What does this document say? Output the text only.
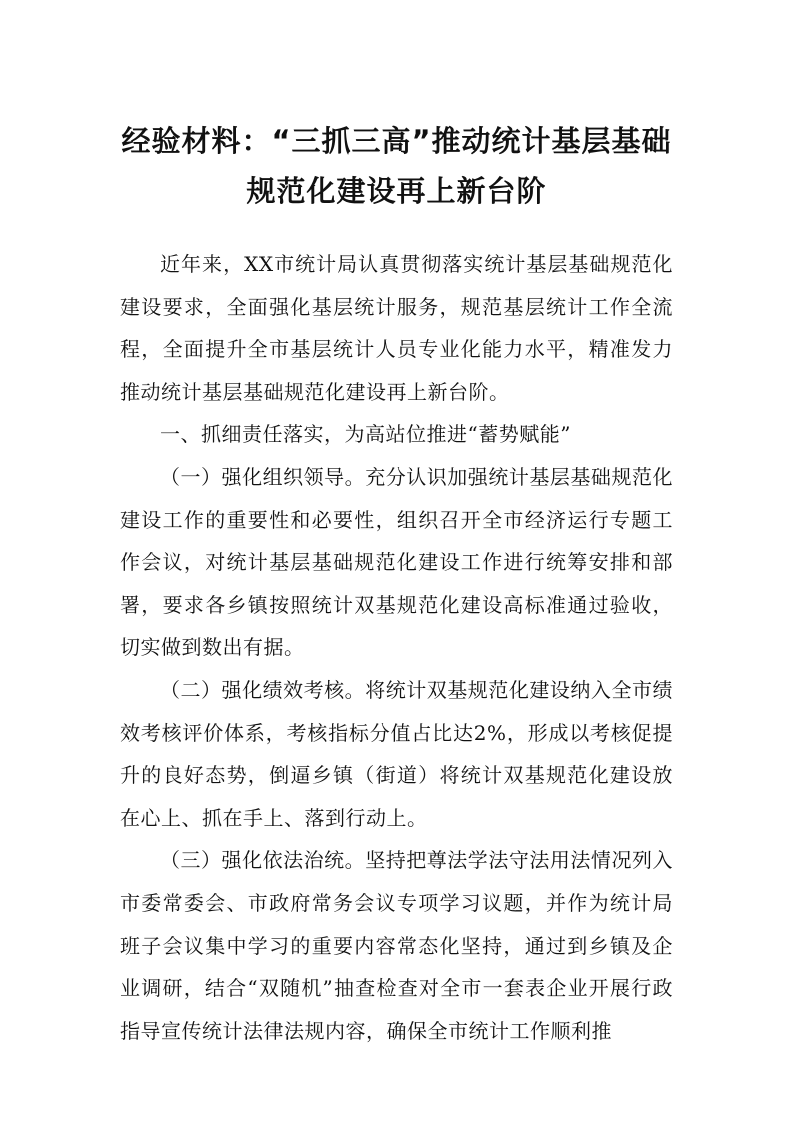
经验材料：“三抓三高”推动统计基层基础
规范化建设再上新台阶

近年来，XX市统计局认真贯彻落实统计基层基础规范化建设要求，全面强化基层统计服务，规范基层统计工作全流程，全面提升全市基层统计人员专业化能力水平，精准发力推动统计基层基础规范化建设再上新台阶。

一、抓细责任落实，为高站位推进“蓄势赋能”

（一）强化组织领导。充分认识加强统计基层基础规范化建设工作的重要性和必要性，组织召开全市经济运行专题工作会议，对统计基层基础规范化建设工作进行统筹安排和部署，要求各乡镇按照统计双基规范化建设高标准通过验收，切实做到数出有据。

（二）强化绩效考核。将统计双基规范化建设纳入全市绩效考核评价体系，考核指标分值占比达2%，形成以考核促提升的良好态势，倒逼乡镇（街道）将统计双基规范化建设放在心上、抓在手上、落到行动上。

（三）强化依法治统。坚持把尊法学法守法用法情况列入市委常委会、市政府常务会议专项学习议题，并作为统计局班子会议集中学习的重要内容常态化坚持，通过到乡镇及企业调研，结合“双随机”抽查检查对全市一套表企业开展行政指导宣传统计法律法规内容，确保全市统计工作顺利推
